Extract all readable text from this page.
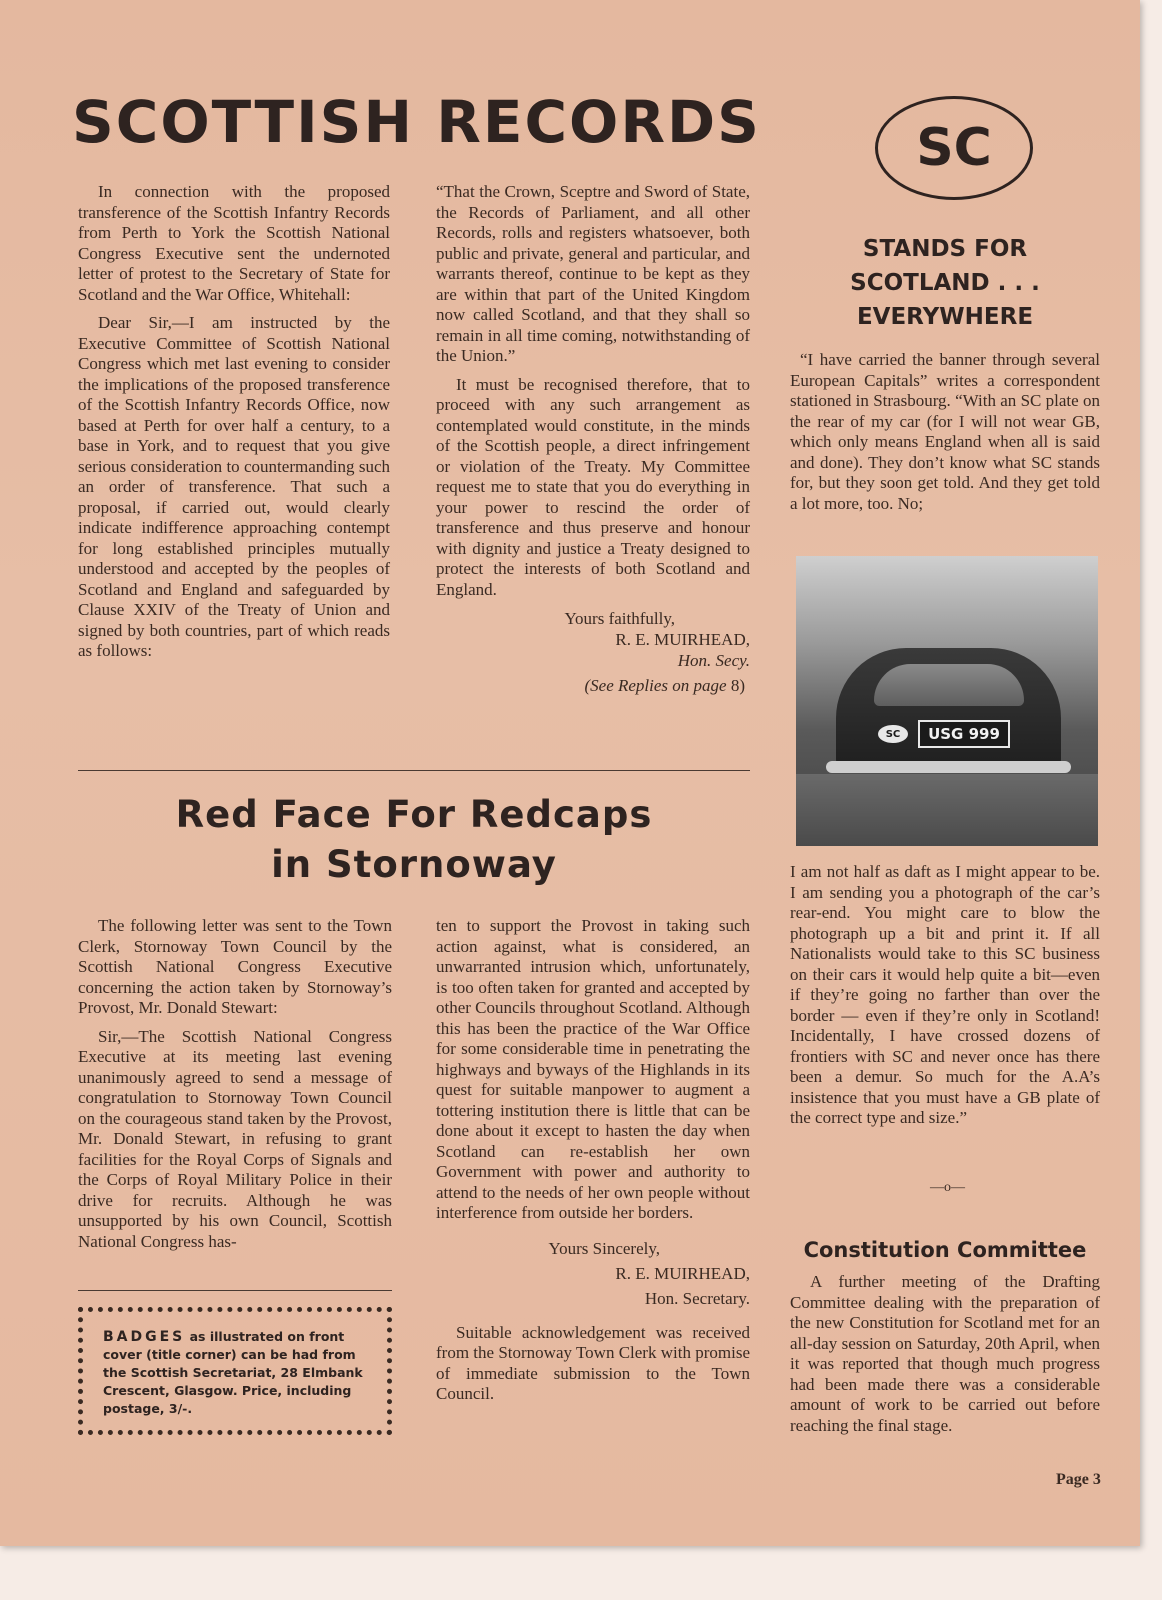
SCOTTISH RECORDS	SC

In connection with the proposed transference of the Scottish Infantry Records from Perth to York the Scottish National Congress Executive sent the undernoted letter of protest to the Secretary of State for Scotland and the War Office, Whitehall:

Dear Sir,—I am instructed by the Executive Committee of Scottish National Congress which met last evening to consider the implications of the proposed transference of the Scottish Infantry Records Office, now based at Perth for over half a century, to a base in York, and to request that you give serious consideration to countermanding such an order of transference. That such a proposal, if carried out, would clearly indicate indifference approaching contempt for long established principles mutually understood and accepted by the peoples of Scotland and England and safeguarded by Clause XXIV of the Treaty of Union and signed by both countries, part of which reads as follows:

“That the Crown, Sceptre and Sword of State, the Records of Parliament, and all other Records, rolls and registers whatsoever, both public and private, general and particular, and warrants thereof, continue to be kept as they are within that part of the United Kingdom now called Scotland, and that they shall so remain in all time coming, notwithstanding of the Union.”

It must be recognised therefore, that to proceed with any such arrangement as contemplated would constitute, in the minds of the Scottish people, a direct infringement or violation of the Treaty. My Committee request me to state that you do everything in your power to rescind the order of transference and thus preserve and honour with dignity and justice a Treaty designed to protect the interests of both Scotland and England.

Yours faithfully,
R. E. MUIRHEAD,
Hon. Secy.
(See Replies on page 8)
STANDS FOR
SCOTLAND . . .
EVERYWHERE

“I have carried the banner through several European Capitals” writes a correspondent stationed in Strasbourg. “With an SC plate on the rear of my car (for I will not wear GB, which only means England when all is said and done). They don’t know what SC stands for, but they soon get told. And they get told a lot more, too. No;

SC	USG 999

I am not half as daft as I might appear to be. I am sending you a photograph of the car’s rear-end. You might care to blow the photograph up a bit and print it. If all Nationalists would take to this SC business on their cars it would help quite a bit—even if they’re going no farther than over the border — even if they’re only in Scotland! Incidentally, I have crossed dozens of frontiers with SC and never once has there been a demur. So much for the A.A’s insistence that you must have a GB plate of the correct type and size.”

—o—
Constitution Committee

A further meeting of the Drafting Committee dealing with the preparation of the new Constitution for Scotland met for an all-day session on Saturday, 20th April, when it was reported that though much progress had been made there was a considerable amount of work to be carried out before reaching the final stage.

Red Face For Redcaps
in Stornoway

The following letter was sent to the Town Clerk, Stornoway Town Council by the Scottish National Congress Executive concerning the action taken by Stornoway’s Provost, Mr. Donald Stewart:

Sir,—The Scottish National Congress Executive at its meeting last evening unanimously agreed to send a message of congratulation to Stornoway Town Council on the courageous stand taken by the Provost, Mr. Donald Stewart, in refusing to grant facilities for the Royal Corps of Signals and the Corps of Royal Military Police in their drive for recruits. Although he was unsupported by his own Council, Scottish National Congress has-

BADGES as illustrated on front cover (title corner) can be had from the Scottish Secretariat, 28 Elmbank Crescent, Glasgow. Price, including postage, 3/-.

ten to support the Provost in taking such action against, what is considered, an unwarranted intrusion which, unfortunately, is too often taken for granted and accepted by other Councils throughout Scotland. Although this has been the practice of the War Office for some considerable time in penetrating the highways and byways of the Highlands in its quest for suitable manpower to augment a tottering institution there is little that can be done about it except to hasten the day when Scotland can re-establish her own Government with power and authority to attend to the needs of her own people without interference from outside her borders.

Yours Sincerely,
R. E. MUIRHEAD,
Hon. Secretary.

Suitable acknowledgement was received from the Stornoway Town Clerk with promise of immediate submission to the Town Council.

Page 3
